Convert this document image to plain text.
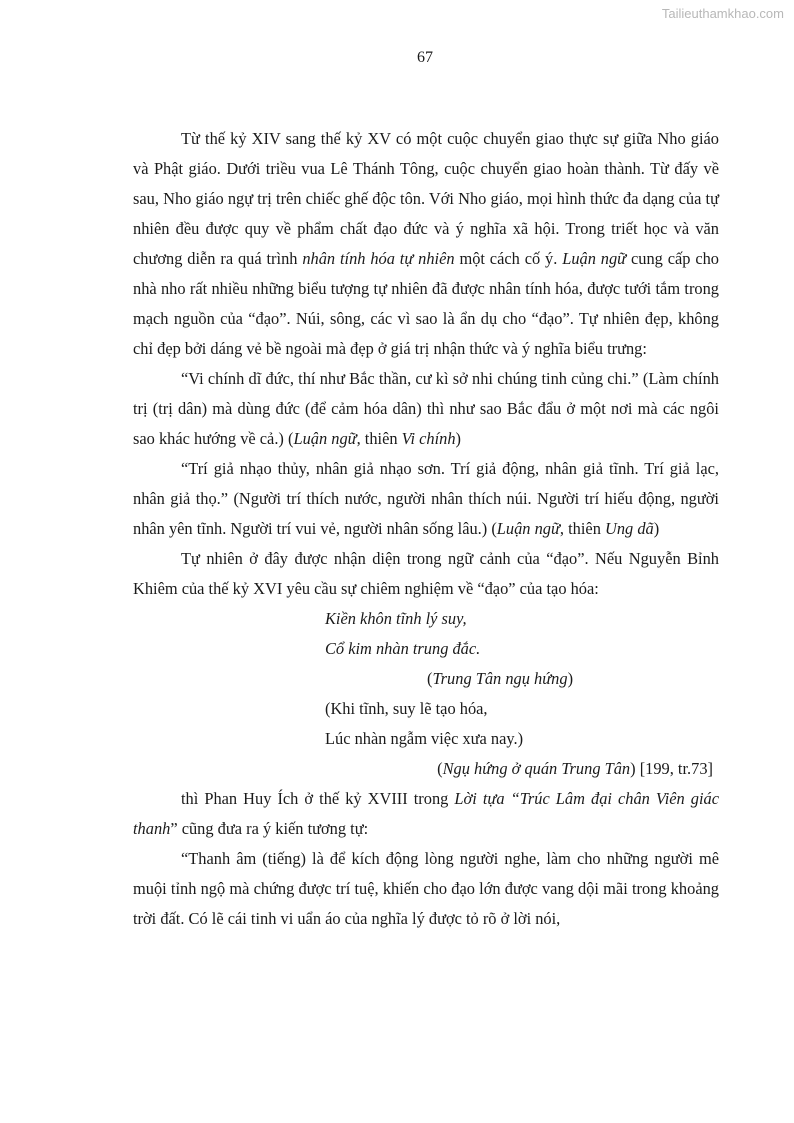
Tailieuthamkhao.com
67

Từ thế kỷ XIV sang thế kỷ XV có một cuộc chuyển giao thực sự giữa Nho giáo và Phật giáo. Dưới triều vua Lê Thánh Tông, cuộc chuyển giao hoàn thành. Từ đấy về sau, Nho giáo ngự trị trên chiếc ghế độc tôn. Với Nho giáo, mọi hình thức đa dạng của tự nhiên đều được quy về phẩm chất đạo đức và ý nghĩa xã hội. Trong triết học và văn chương diễn ra quá trình nhân tính hóa tự nhiên một cách cố ý. Luận ngữ cung cấp cho nhà nho rất nhiều những biểu tượng tự nhiên đã được nhân tính hóa, được tưới tắm trong mạch nguồn của “đạo”. Núi, sông, các vì sao là ẩn dụ cho “đạo”. Tự nhiên đẹp, không chỉ đẹp bởi dáng vẻ bề ngoài mà đẹp ở giá trị nhận thức và ý nghĩa biểu trưng:

“Vi chính dĩ đức, thí như Bắc thần, cư kì sở nhi chúng tinh củng chi.” (Làm chính trị (trị dân) mà dùng đức (để cảm hóa dân) thì như sao Bắc đẩu ở một nơi mà các ngôi sao khác hướng về cả.) (Luận ngữ, thiên Vi chính)

“Trí giả nhạo thủy, nhân giả nhạo sơn. Trí giả động, nhân giả tĩnh. Trí giả lạc, nhân giả thọ.” (Người trí thích nước, người nhân thích núi. Người trí hiếu động, người nhân yên tĩnh. Người trí vui vẻ, người nhân sống lâu.) (Luận ngữ, thiên Ung dã)

Tự nhiên ở đây được nhận diện trong ngữ cảnh của “đạo”. Nếu Nguyễn Bỉnh Khiêm của thế kỷ XVI yêu cầu sự chiêm nghiệm về “đạo” của tạo hóa:

Kiền khôn tĩnh lý suy,

Cổ kim nhàn trung đắc.

(Trung Tân ngụ hứng)

(Khi tĩnh, suy lẽ tạo hóa,

Lúc nhàn ngẫm việc xưa nay.)

(Ngụ hứng ở quán Trung Tân) [199, tr.73]

thì Phan Huy Ích ở thế kỷ XVIII trong Lời tựa “Trúc Lâm đại chân Viên giác thanh” cũng đưa ra ý kiến tương tự:

“Thanh âm (tiếng) là để kích động lòng người nghe, làm cho những người mê muội tỉnh ngộ mà chứng được trí tuệ, khiến cho đạo lớn được vang dội mãi trong khoảng trời đất. Có lẽ cái tinh vi uẩn áo của nghĩa lý được tỏ rõ ở lời nói,
